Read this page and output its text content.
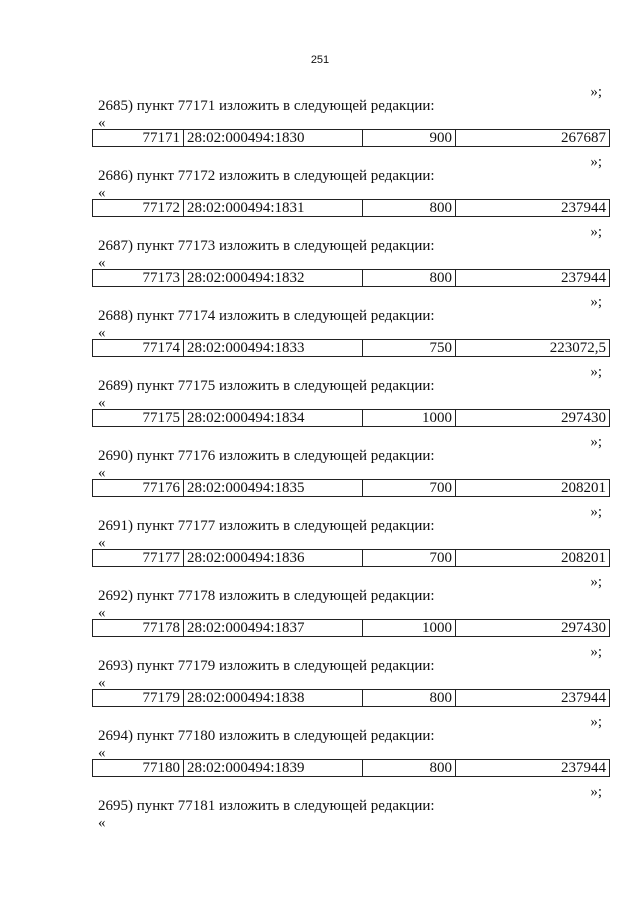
251
»;
2685) пункт 77171 изложить в следующей редакции:
«
77171	28:02:000494:1830	900	267687
»;
2686) пункт 77172 изложить в следующей редакции:
«
77172	28:02:000494:1831	800	237944
»;
2687) пункт 77173 изложить в следующей редакции:
«
77173	28:02:000494:1832	800	237944
»;
2688) пункт 77174 изложить в следующей редакции:
«
77174	28:02:000494:1833	750	223072,5
»;
2689) пункт 77175 изложить в следующей редакции:
«
77175	28:02:000494:1834	1000	297430
»;
2690) пункт 77176 изложить в следующей редакции:
«
77176	28:02:000494:1835	700	208201
»;
2691) пункт 77177 изложить в следующей редакции:
«
77177	28:02:000494:1836	700	208201
»;
2692) пункт 77178 изложить в следующей редакции:
«
77178	28:02:000494:1837	1000	297430
»;
2693) пункт 77179 изложить в следующей редакции:
«
77179	28:02:000494:1838	800	237944
»;
2694) пункт 77180 изложить в следующей редакции:
«
77180	28:02:000494:1839	800	237944
»;
2695) пункт 77181 изложить в следующей редакции:
«
